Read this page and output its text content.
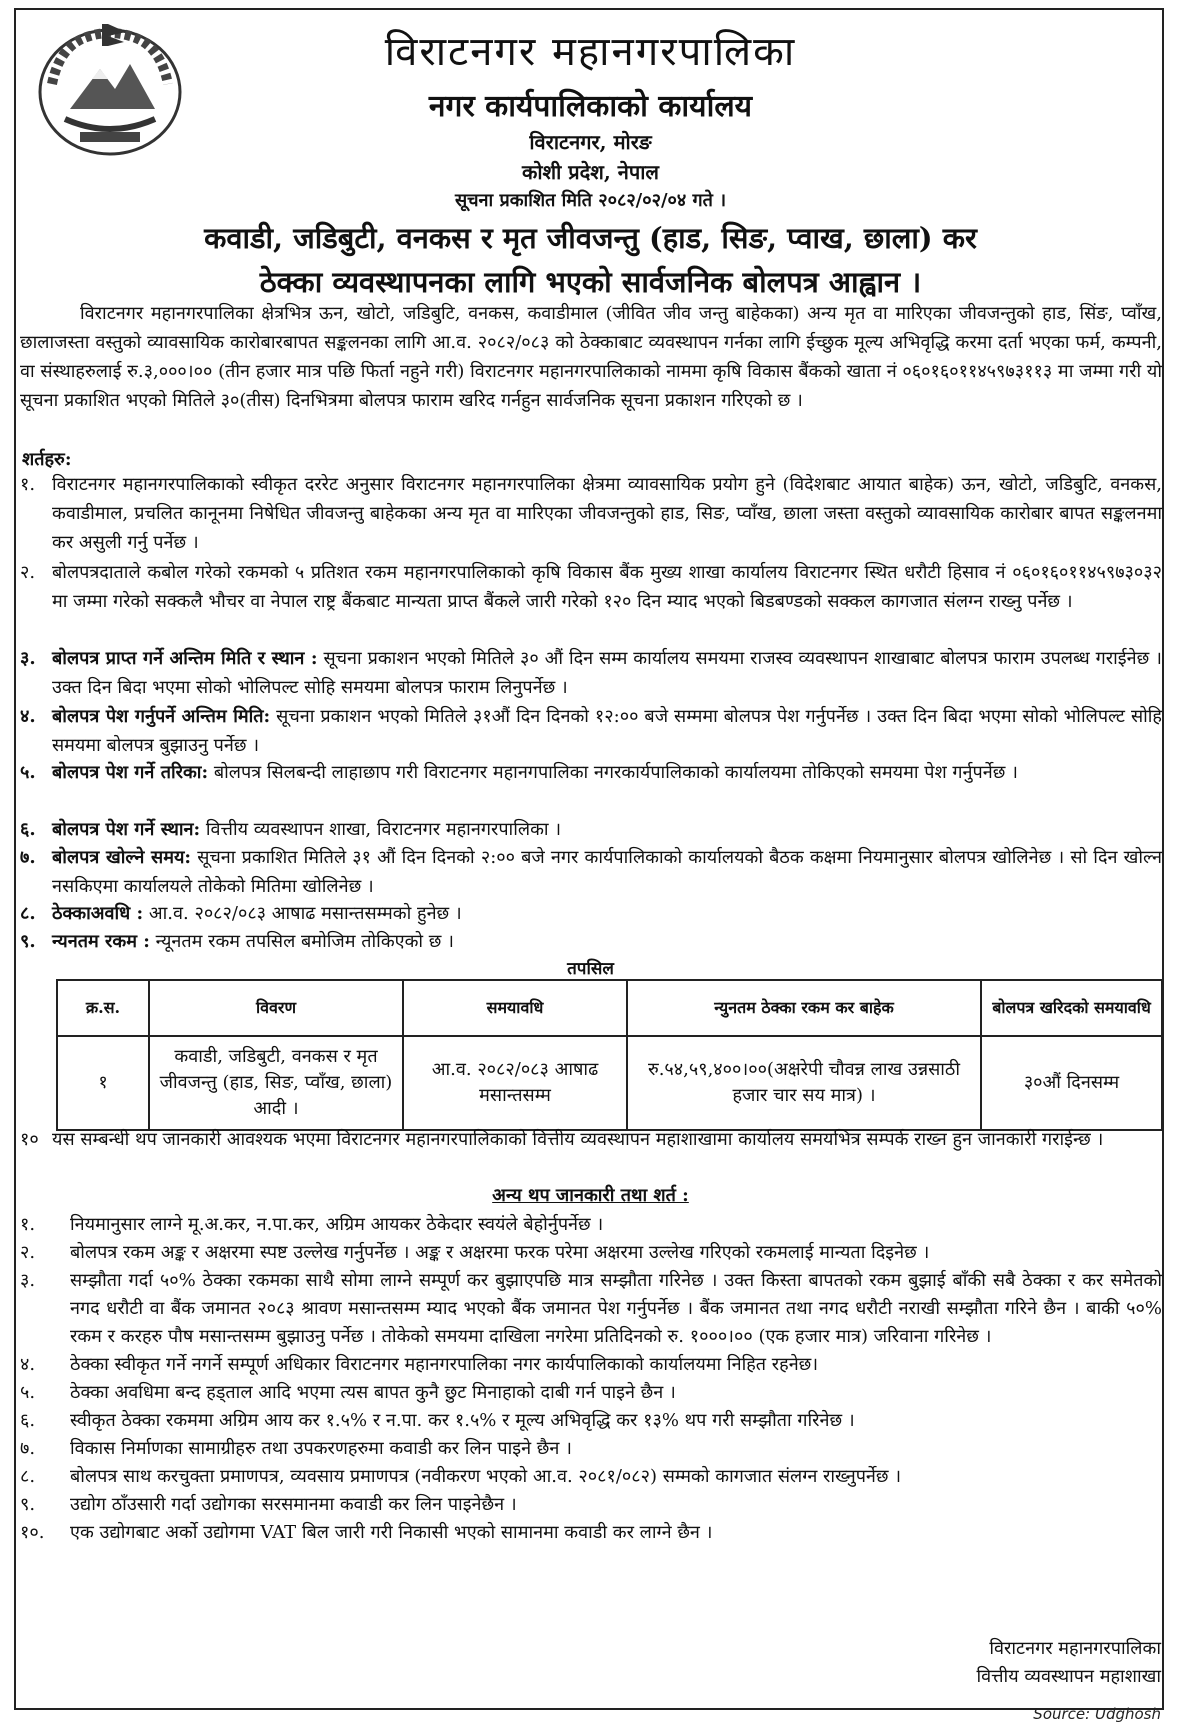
विराटनगर महानगरपालिका
नगर कार्यपालिकाको कार्यालय
विराटनगर, मोरङ
कोशी प्रदेश, नेपाल
सूचना प्रकाशित मिति २०८२/०२/०४ गते ।
कवाडी, जडिबुटी, वनकस र मृत जीवजन्तु (हाड, सिङ, प्वाख, छाला) कर
ठेक्का व्यवस्थापनका लागि भएको सार्वजनिक बोलपत्र आह्वान ।
विराटनगर महानगरपालिका क्षेत्रभित्र ऊन, खोटो, जडिबुटि, वनकस, कवाडीमाल (जीवित जीव जन्तु बाहेकका) अन्य मृत वा मारिएका जीवजन्तुको हाड, सिंङ, प्वाँख, छालाजस्ता वस्तुको व्यावसायिक कारोबारबापत सङ्कलनका लागि आ.व. २०८२/०८३ को ठेक्काबाट व्यवस्थापन गर्नका लागि ईच्छुक मूल्य अभिवृद्धि करमा दर्ता भएका फर्म, कम्पनी, वा संस्थाहरुलाई रु.३,०००।०० (तीन हजार मात्र पछि फिर्ता नहुने गरी) विराटनगर महानगरपालिकाको नाममा कृषि विकास बैंकको खाता नं ०६०१६०११४५९७३११३ मा जम्मा गरी यो सूचना प्रकाशित भएको मितिले ३०(तीस) दिनभित्रमा बोलपत्र फाराम खरिद गर्नहुन सार्वजनिक सूचना प्रकाशन गरिएको छ ।
शर्तहरु:
१. विराटनगर महानगरपालिकाको स्वीकृत दररेट अनुसार विराटनगर महानगरपालिका क्षेत्रमा व्यावसायिक प्रयोग हुने (विदेशबाट आयात बाहेक) ऊन, खोटो, जडिबुटि, वनकस, कवाडीमाल, प्रचलित कानूनमा निषेधित जीवजन्तु बाहेकका अन्य मृत वा मारिएका जीवजन्तुको हाड, सिङ, प्वाँख, छाला जस्ता वस्तुको व्यावसायिक कारोबार बापत सङ्कलनमा कर असुली गर्नु पर्नेछ ।
२. बोलपत्रदाताले कबोल गरेको रकमको ५ प्रतिशत रकम महानगरपालिकाको कृषि विकास बैंक मुख्य शाखा कार्यालय विराटनगर स्थित धरौटी हिसाव नं ०६०१६०११४५९७३०३२ मा जम्मा गरेको सक्कलै भौचर वा नेपाल राष्ट्र बैंकबाट मान्यता प्राप्त बैंकले जारी गरेको १२० दिन म्याद भएको बिडबण्डको सक्कल कागजात संलग्न राख्नु पर्नेछ ।
३. बोलपत्र प्राप्त गर्ने अन्तिम मिति र स्थान : सूचना प्रकाशन भएको मितिले ३० औं दिन सम्म कार्यालय समयमा राजस्व व्यवस्थापन शाखाबाट बोलपत्र फाराम उपलब्ध गराईनेछ । उक्त दिन बिदा भएमा सोको भोलिपल्ट सोहि समयमा बोलपत्र फाराम लिनुपर्नेछ ।
४. बोलपत्र पेश गर्नुपर्ने अन्तिम मिति: सूचना प्रकाशन भएको मितिले ३१औं दिन दिनको १२:०० बजे सम्ममा बोलपत्र पेश गर्नुपर्नेछ । उक्त दिन बिदा भएमा सोको भोलिपल्ट सोहि समयमा बोलपत्र बुझाउनु पर्नेछ ।
५. बोलपत्र पेश गर्ने तरिका: बोलपत्र सिलबन्दी लाहाछाप गरी विराटनगर महानगपालिका नगरकार्यपालिकाको कार्यालयमा तोकिएको समयमा पेश गर्नुपर्नेछ ।
६. बोलपत्र पेश गर्ने स्थान: वित्तीय व्यवस्थापन शाखा, विराटनगर महानगरपालिका ।
७. बोलपत्र खोल्ने समय: सूचना प्रकाशित मितिले ३१ औं दिन दिनको २:०० बजे नगर कार्यपालिकाको कार्यालयको बैठक कक्षमा नियमानुसार बोलपत्र खोलिनेछ । सो दिन खोल्न नसकिएमा कार्यालयले तोकेको मितिमा खोलिनेछ ।
८. ठेक्काअवधि : आ.व. २०८२/०८३ आषाढ मसान्तसम्मको हुनेछ ।
९. न्यनतम रकम : न्यूनतम रकम तपसिल बमोजिम तोकिएको छ ।
तपसिल
क्र.स.	विवरण	समयावधि	न्युनतम ठेक्का रकम कर बाहेक	बोलपत्र खरिदको समयावधि
१	कवाडी, जडिबुटी, वनकस र मृत जीवजन्तु (हाड, सिङ, प्वाँख, छाला) आदी ।	आ.व. २०८२/०८३ आषाढ मसान्तसम्म	रु.५४,५९,४००।००(अक्षरेपी चौवन्न लाख उन्नसाठी हजार चार सय मात्र) ।	३०औं दिनसम्म
१० यस सम्बन्धी थप जानकारी आवश्यक भएमा विराटनगर महानगरपालिकाको वित्तीय व्यवस्थापन महाशाखामा कार्यालय समयभित्र सम्पर्क राख्न हुन जानकारी गराईन्छ ।
अन्य थप जानकारी तथा शर्त :
१.	नियमानुसार लाग्ने मू.अ.कर, न.पा.कर, अग्रिम आयकर ठेकेदार स्वयंले बेहोर्नुपर्नेछ ।
२.	बोलपत्र रकम अङ्क र अक्षरमा स्पष्ट उल्लेख गर्नुपर्नेछ । अङ्क र अक्षरमा फरक परेमा अक्षरमा उल्लेख गरिएको रकमलाई मान्यता दिइनेछ ।
३.	सम्झौता गर्दा ५०% ठेक्का रकमका साथै सोमा लाग्ने सम्पूर्ण कर बुझाएपछि मात्र सम्झौता गरिनेछ । उक्त किस्ता बापतको रकम बुझाई बाँकी सबै ठेक्का र कर समेतको नगद धरौटी वा बैंक जमानत २०८३ श्रावण मसान्तसम्म म्याद भएको बैंक जमानत पेश गर्नुपर्नेछ । बैंक जमानत तथा नगद धरौटी नराखी सम्झौता गरिने छैन । बाकी ५०% रकम र करहरु पौष मसान्तसम्म बुझाउनु पर्नेछ । तोकेको समयमा दाखिला नगरेमा प्रतिदिनको रु. १०००।०० (एक हजार मात्र) जरिवाना गरिनेछ ।
४.	ठेक्का स्वीकृत गर्ने नगर्ने सम्पूर्ण अधिकार विराटनगर महानगरपालिका नगर कार्यपालिकाको कार्यालयमा निहित रहनेछ।
५.	ठेक्का अवधिमा बन्द हड्ताल आदि भएमा त्यस बापत कुनै छुट मिनाहाको दाबी गर्न पाइने छैन ।
६.	स्वीकृत ठेक्का रकममा अग्रिम आय कर १.५% र न.पा. कर १.५% र मूल्य अभिवृद्धि कर १३% थप गरी सम्झौता गरिनेछ ।
७.	विकास निर्माणका सामाग्रीहरु तथा उपकरणहरुमा कवाडी कर लिन पाइने छैन ।
८.	बोलपत्र साथ करचुक्ता प्रमाणपत्र, व्यवसाय प्रमाणपत्र (नवीकरण भएको आ.व. २०८१/०८२) सम्मको कागजात संलग्न राख्नुपर्नेछ ।
९.	उद्योग ठाँउसारी गर्दा उद्योगका सरसमानमा कवाडी कर लिन पाइनेछैन ।
१०.	एक उद्योगबाट अर्को उद्योगमा VAT बिल जारी गरी निकासी भएको सामानमा कवाडी कर लाग्ने छैन ।
विराटनगर महानगरपालिका
वित्तीय व्यवस्थापन महाशाखा
Source: Udghosh
